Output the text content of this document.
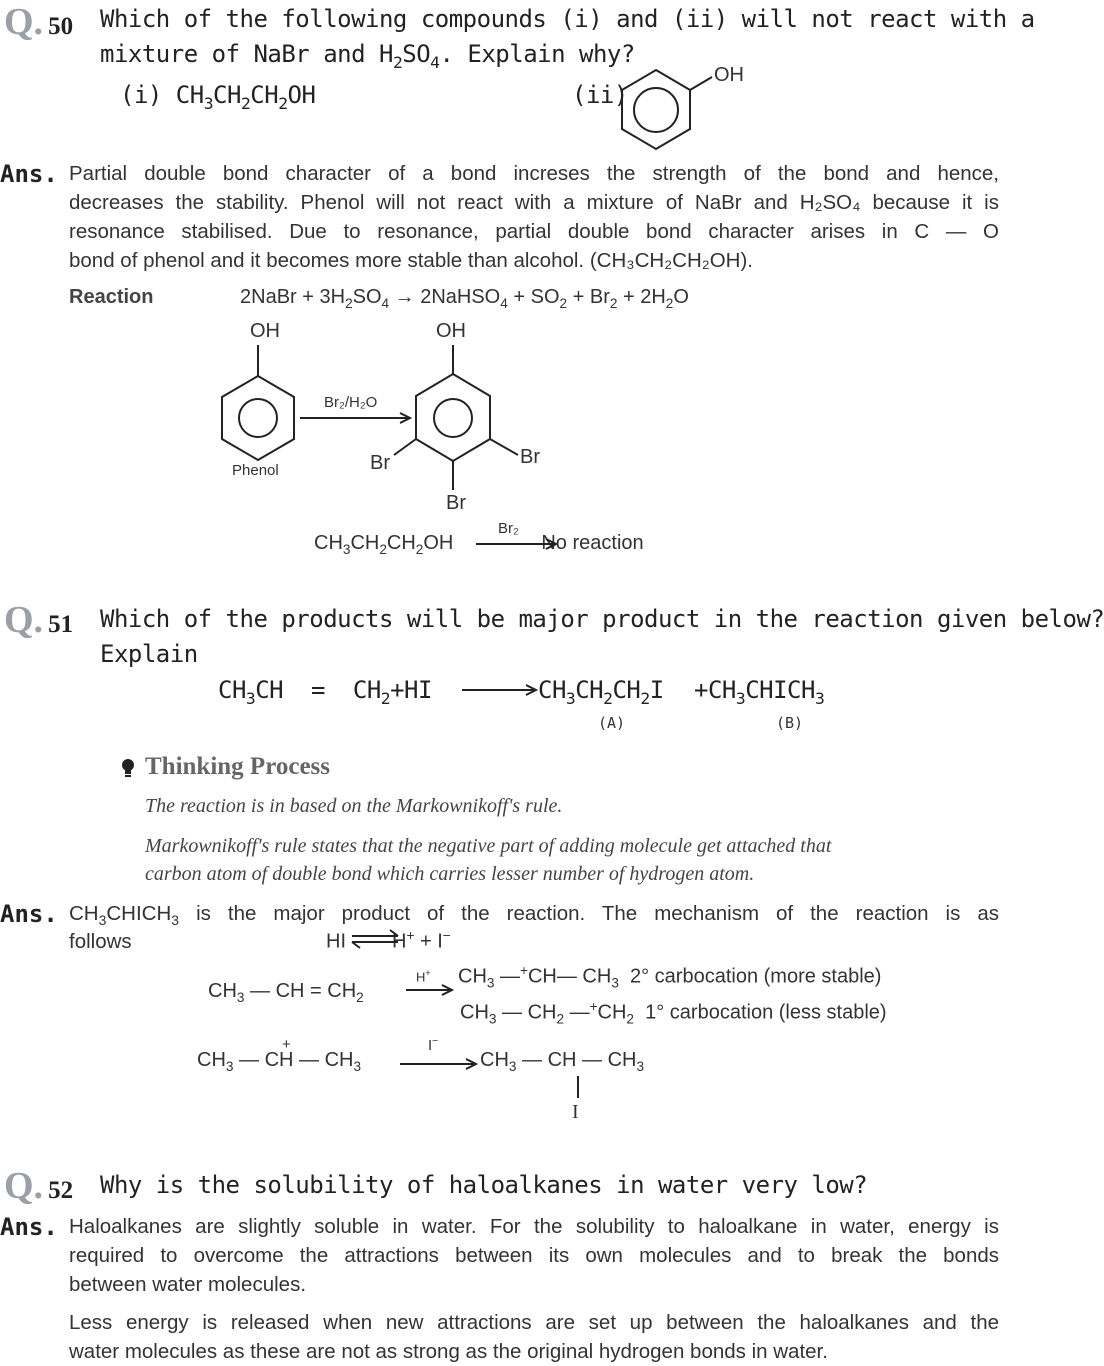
Q. 50 Which of the following compounds (i) and (ii) will not react with a
mixture of NaBr and $H_2SO_4$. Explain why?
(i) $CH_3CH_2CH_2OH$	(ii)
OH
Ans. Partial double bond character of a bond increses the strength of the bond and hence,
decreases the stability. Phenol will not react with a mixture of NaBr and H₂SO₄ because it is
resonance stabilised. Due to resonance, partial double bond character arises in C — O
bond of phenol and it becomes more stable than alcohol. (CH₃CH₂CH₂OH).
Reaction	2NaBr + $3H_2SO_4$ → 2NaHSO$_4$ + $SO_2 + Br_2 + 2H_2O$
OH	OH
Phenol
Br₂/H₂O
Br	Br
Br
$CH_3CH_2CH_2OH$	No reaction
Br₂
Q. 51 Which of the products will be major product in the reaction given below?
Explain
$CH_3CH = CH_2+HI$	$CH_3CH_2CH_2I$ $+CH_3CHICH_3$
(A)	(B)
Thinking Process
The reaction is in based on the Markownikoff's rule.
Markownikoff's rule states that the negative part of adding molecule get attached that
carbon atom of double bond which carries lesser number of hydrogen atom.
Ans. $CH_3CHICH_3$ is the major product of the reaction. The mechanism of the reaction is as
follows	HI H+ + I−
$CH_3$ — CH = $CH_2$
H+ $CH_3$ —+CH— $CH_3$ 2° carbocation (more stable)
$CH_3$ — $CH_2$ $—^+CH_2$ 1° carbocation (less stable)
$CH_3$ — CH — $CH_3$
+	I−
$CH_3$ — CH — $CH_3$
I
Q. 52 Why is the solubility of haloalkanes in water very low?
Ans. Haloalkanes are slightly soluble in water. For the solubility to haloalkane in water, energy is
required to overcome the attractions between its own molecules and to break the bonds
between water molecules.
Less energy is released when new attractions are set up between the haloalkanes and the
water molecules as these are not as strong as the original hydrogen bonds in water.
